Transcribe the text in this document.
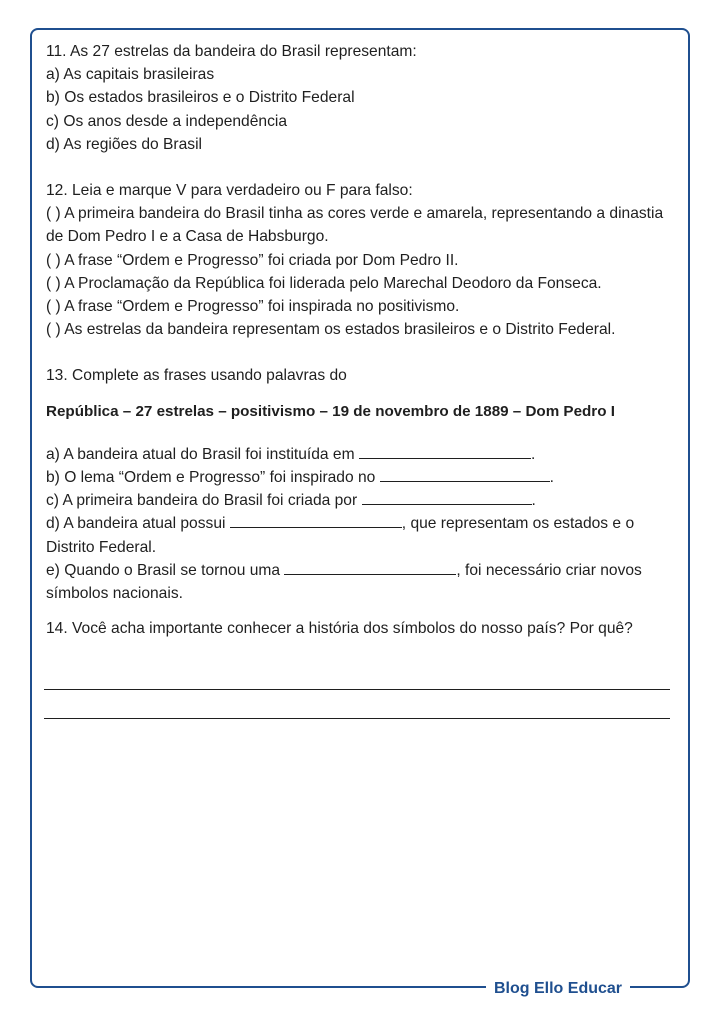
Blog Ello Educar
11. As 27 estrelas da bandeira do Brasil representam:
a) As capitais brasileiras
b) Os estados brasileiros e o Distrito Federal
c) Os anos desde a independência
d) As regiões do Brasil
12. Leia e marque V para verdadeiro ou F para falso:
( ) A primeira bandeira do Brasil tinha as cores verde e amarela, representando a dinastia de Dom Pedro I e a Casa de Habsburgo.
( ) A frase “Ordem e Progresso” foi criada por Dom Pedro II.
( ) A Proclamação da República foi liderada pelo Marechal Deodoro da Fonseca.
( ) A frase “Ordem e Progresso” foi inspirada no positivismo.
( ) As estrelas da bandeira representam os estados brasileiros e o Distrito Federal.
13. Complete as frases usando palavras do
República – 27 estrelas – positivismo – 19 de novembro de 1889 – Dom Pedro I
a) A bandeira atual do Brasil foi instituída em	.
b) O lema “Ordem e Progresso” foi inspirado no	.
c) A primeira bandeira do Brasil foi criada por	.
d) A bandeira atual possui	, que representam os estados e o Distrito Federal.
e) Quando o Brasil se tornou uma	, foi necessário criar novos símbolos nacionais.
14. Você acha importante conhecer a história dos símbolos do nosso país? Por quê?
